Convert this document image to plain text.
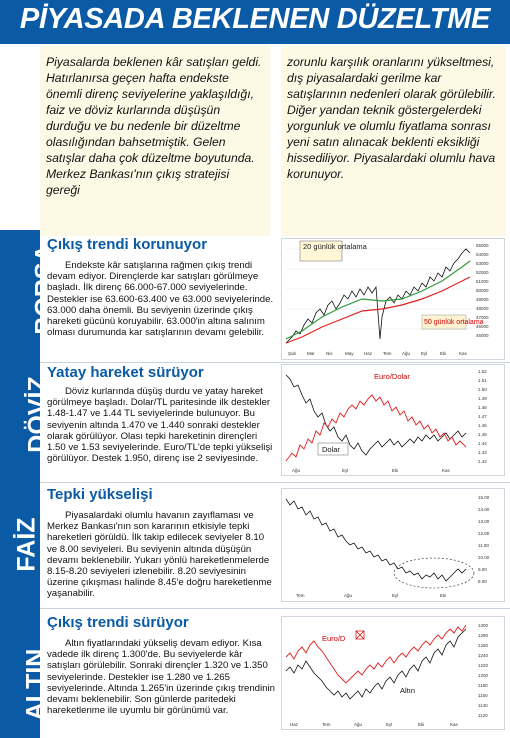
PİYASADA BEKLENEN DÜZELTME

Piyasalarda beklenen kâr satışları geldi. Hatırlanırsa geçen hafta endekste önemli direnç seviyelerine yaklaşıldığı, faiz ve döviz kurlarında düşüşün durduğu ve bu nedenle bir düzeltme olasılığından bahsetmiştik. Gelen satışlar daha çok düzeltme boyutunda. Merkez Bankası'nın çıkış stratejisi gereği

zorunlu karşılık oranlarını yükseltmesi, dış piyasalardaki gerilme kar satışlarının nedenleri olarak görülebilir. Diğer yandan teknik göstergelerdeki yorgunluk ve olumlu fiyatlama sonrası yeni satın alınacak beklenti eksikliği hissediliyor. Piyasalardaki olumlu hava korunuyor.

BORSA
DÖVİZ
FAİZ
ALTIN
Çıkış trendi korunuyor
Endekste kâr satışlarına rağmen çıkış trendi devam ediyor. Dirençlerde kar satışları görülmeye başladı. İlk direnç 66.000-67.000 seviyelerinde. Destekler ise 63.600-63.400 ve 63.000 seviyelerinde. 63.000 daha önemli. Bu seviyenin üzerinde çıkış hareketi gücünü koruyabilir. 63.000'in altına salınım olması durumunda kar satışlarının devamı gelebilir.
20 günlük ortalama
50 günlük ortalama
55000
54000
53000
52000
51000
50000
49000
48000
47000
46000
45000
Şub Mar	Nis	May Haz Tem Ağu Eyl	Eki	Kas
Yatay hareket sürüyor
Döviz kurlarında düşüş durdu ve yatay hareket görülmeye başladı. Dolar/TL paritesinde ilk destekler 1.48-1.47 ve 1.44 TL seviyelerinde bulunuyor. Bu seviyenin altında 1.470 ve 1.440 sonraki destekler olarak görülüyor. Olası tepki hareketinin dirençleri 1.50 ve 1.53 seviyelerinde. Euro/TL'de tepki yükselişi görülüyor. Destek 1.950, direnç ise 2 seviyesinde.
Euro/Dolar
Dolar
1.52
1.51
1.50
1.49
1.48
1.47
1.46
1.45
1.44
1.43
1.42
Ağu	Eyl	Eki	Kas
Tepki yükselişi
Piyasalardaki olumlu havanın zayıflaması ve Merkez Bankası'nın son kararının etkisiyle tepki hareketleri görüldü. İlk takip edilecek seviyeler 8.10 ve 8.00 seviyeleri. Bu seviyenin altında düşüşün devamı beklenebilir. Yukarı yönlü hareketlenmelerde 8.15-8.20 seviyeleri izlenebilir. 8.20 seviyesinin üzerine çıkışması halinde 8.45'e doğru hareketlenme yaşanabilir.
15.00
14.00
13.00
12.00
11.00
10.00
9.00
8.00
Tem	Ağu	Eyl	Eki
Çıkış trendi sürüyor
Altın fiyatlarındaki yükseliş devam ediyor. Kısa vadede ilk direnç 1.300'de. Bu seviyelerde kâr satışları görülebilir. Sonraki dirençler 1.320 ve 1.350 seviyelerinde. Destekler ise 1.280 ve 1.265 seviyelerinde. Altında 1.265'in üzerinde çıkış trendinin devamı beklenebilir. Son günlerde paritedeki hareketlenme ile uyumlu bir görünümü var.
Euro/D
Altın
1300
1280
1260
1240
1220
1200
1180
1160
1140
1120
Haz	Tem	Ağu	Eyl	Eki	Kas
